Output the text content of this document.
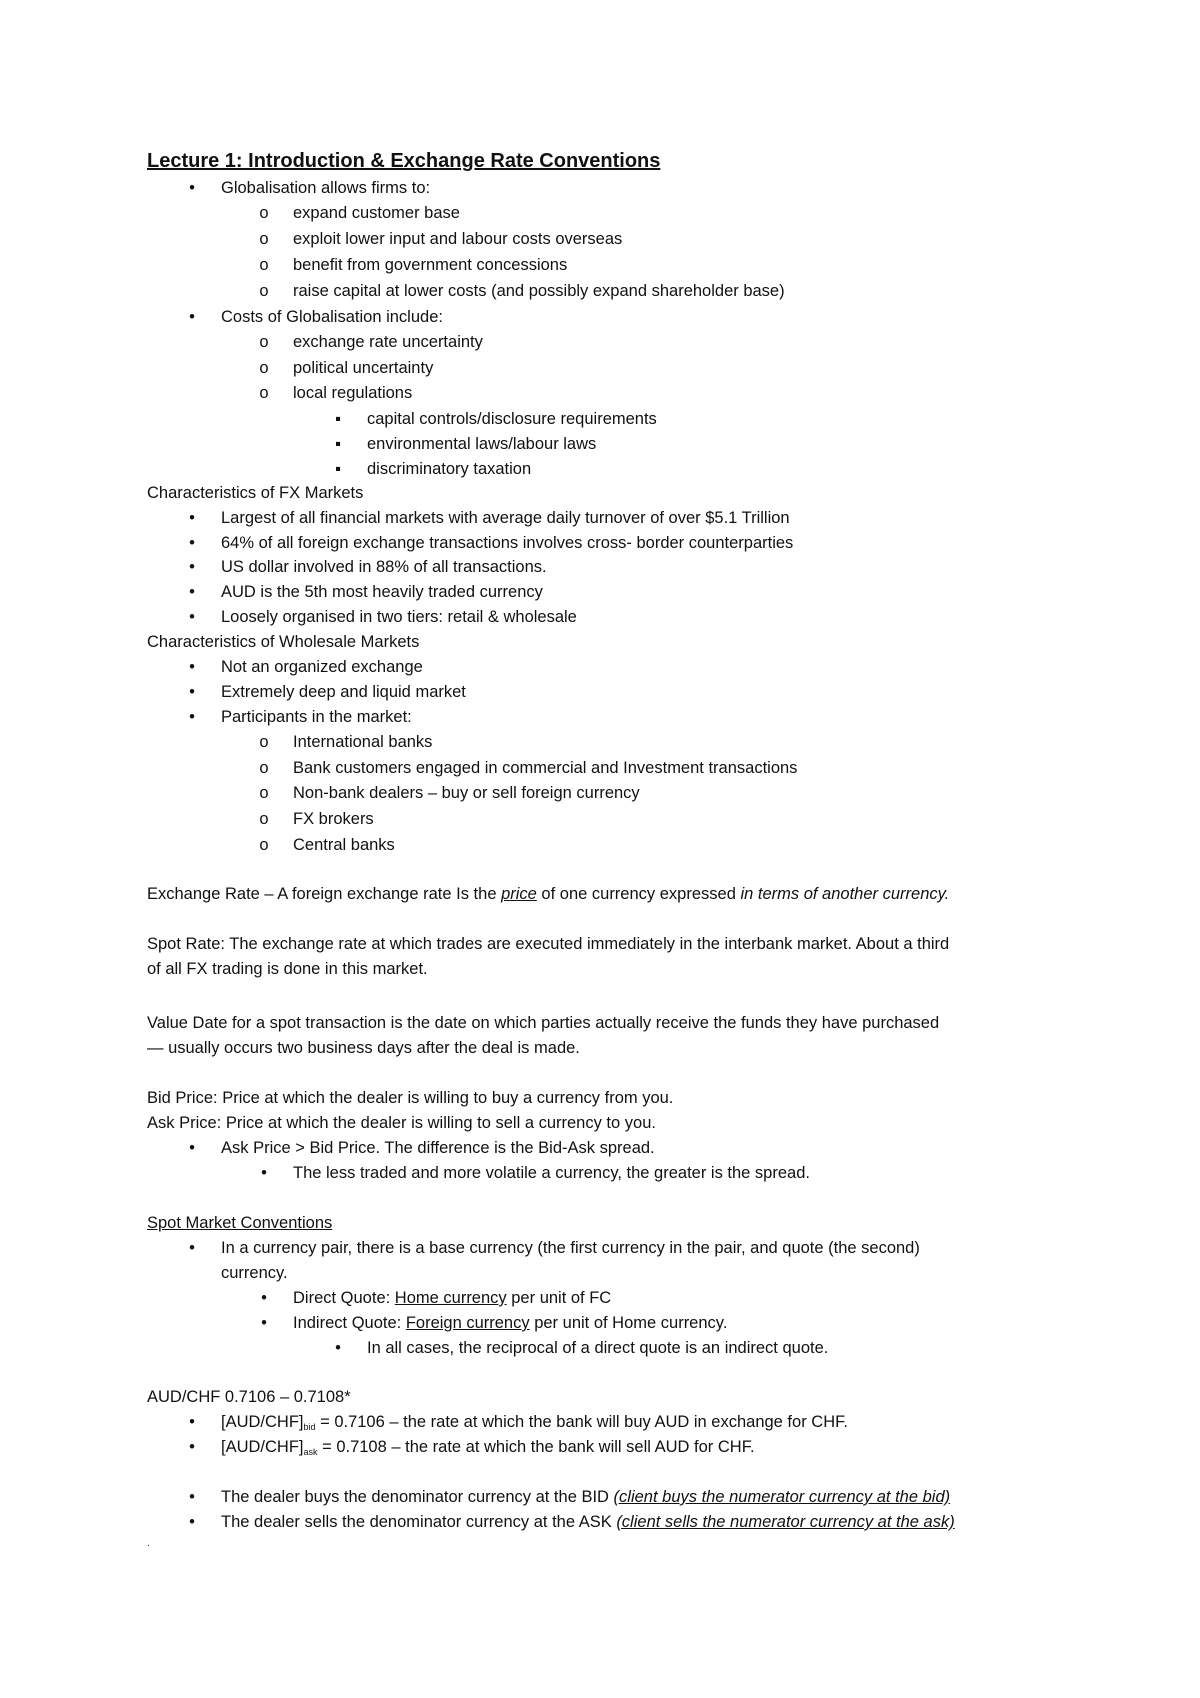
Lecture 1: Introduction & Exchange Rate Conventions
• Globalisation allows firms to:
o expand customer base
o exploit lower input and labour costs overseas
o benefit from government concessions
o raise capital at lower costs (and possibly expand shareholder base)
• Costs of Globalisation include:
o exchange rate uncertainty
o political uncertainty
o local regulations
▪ capital controls/disclosure requirements
▪ environmental laws/labour laws
▪ discriminatory taxation
Characteristics of FX Markets
• Largest of all financial markets with average daily turnover of over $5.1 Trillion
• 64% of all foreign exchange transactions involves cross- border counterparties
• US dollar involved in 88% of all transactions.
• AUD is the 5th most heavily traded currency
• Loosely organised in two tiers: retail & wholesale
Characteristics of Wholesale Markets
• Not an organized exchange
• Extremely deep and liquid market
• Participants in the market:
o International banks
o Bank customers engaged in commercial and Investment transactions
o Non-bank dealers – buy or sell foreign currency
o FX brokers
o Central banks
Exchange Rate – A foreign exchange rate Is the price of one currency expressed in terms of another currency.
Spot Rate: The exchange rate at which trades are executed immediately in the interbank market. About a third
of all FX trading is done in this market.
Value Date for a spot transaction is the date on which parties actually receive the funds they have purchased
— usually occurs two business days after the deal is made.
Bid Price: Price at which the dealer is willing to buy a currency from you.
Ask Price: Price at which the dealer is willing to sell a currency to you.
• Ask Price > Bid Price. The difference is the Bid-Ask spread.
• The less traded and more volatile a currency, the greater is the spread.
Spot Market Conventions
• In a currency pair, there is a base currency (the first currency in the pair, and quote (the second)
currency.
• Direct Quote: Home currency per unit of FC
• Indirect Quote: Foreign currency per unit of Home currency.
• In all cases, the reciprocal of a direct quote is an indirect quote.
AUD/CHF 0.7106 – 0.7108*
• $[AUD/CHF]_{bid} = 0.7106$ – the rate at which the bank will buy AUD in exchange for CHF.
• $[AUD/CHF]_{ask} = 0.7108$ – the rate at which the bank will sell AUD for CHF.
• The dealer buys the denominator currency at the BID (client buys the numerator currency at the bid)
• The dealer sells the denominator currency at the ASK (client sells the numerator currency at the ask)
.
